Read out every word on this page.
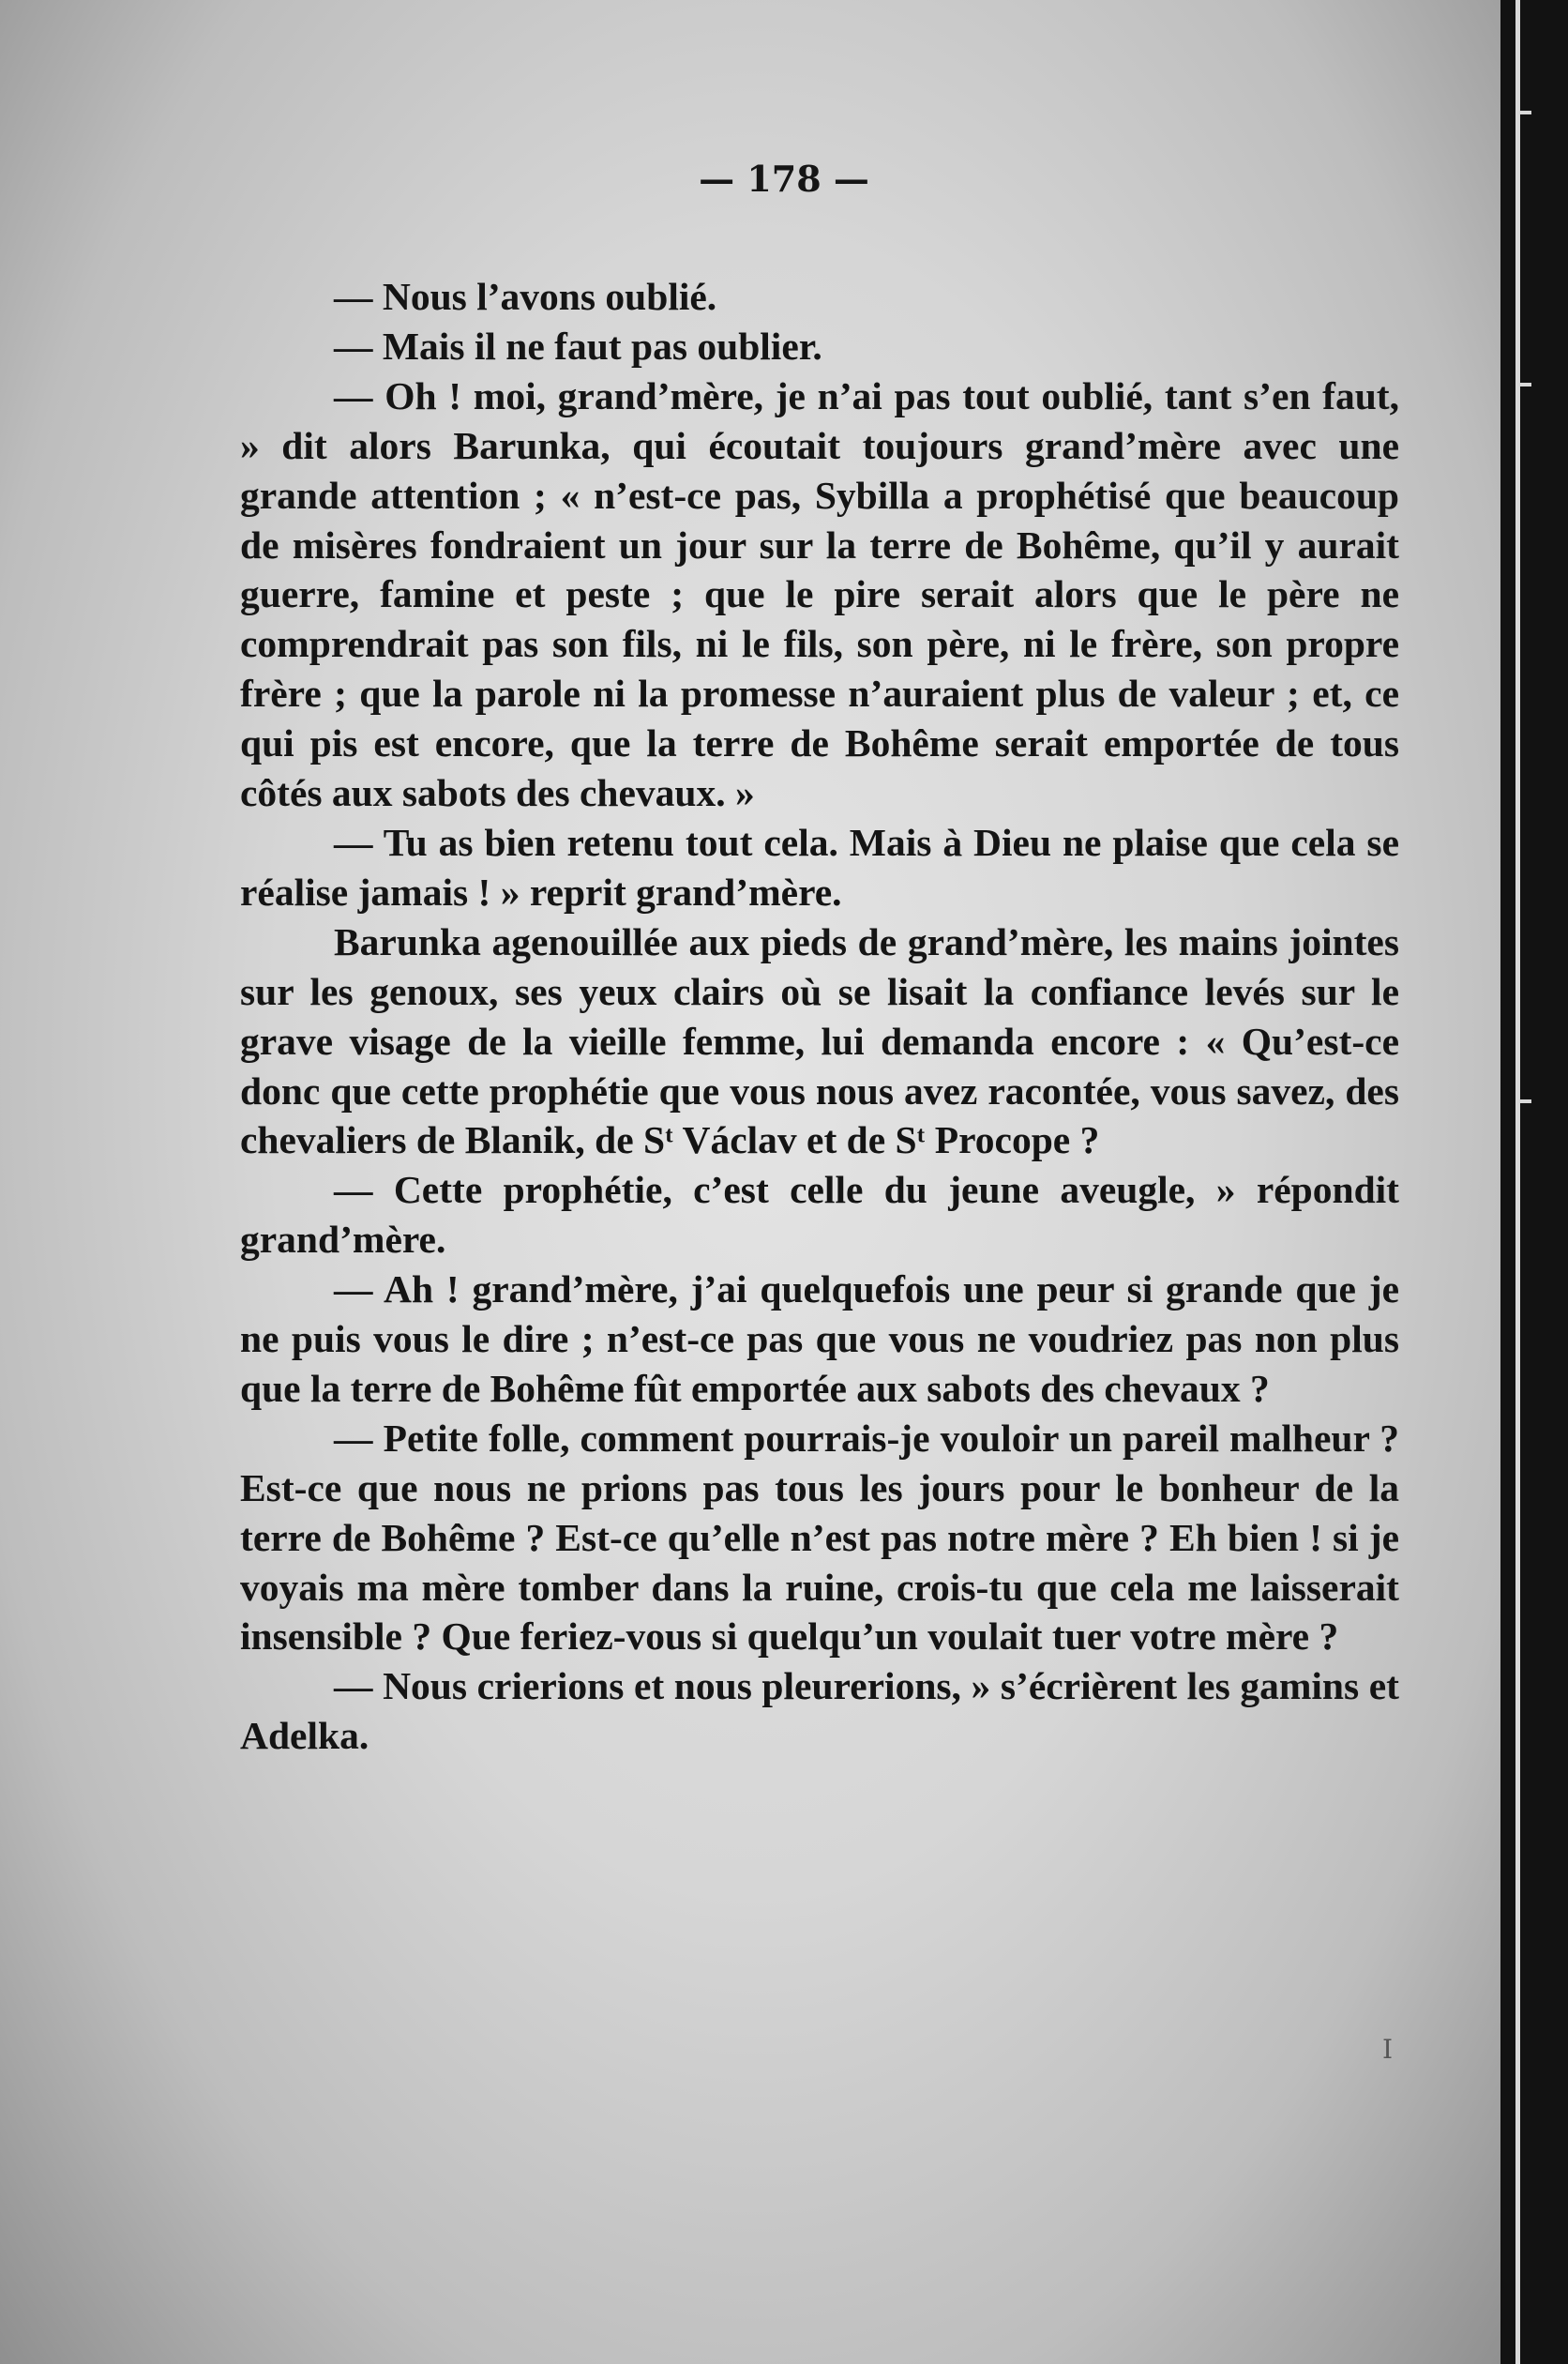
— 178 —

— Nous l’avons oublié.

— Mais il ne faut pas oublier.

— Oh ! moi, grand’mère, je n’ai pas tout oublié, tant s’en faut, » dit alors Barunka, qui écoutait toujours grand’mère avec une grande attention ; « n’est-ce pas, Sybilla a prophétisé que beaucoup de misères fondraient un jour sur la terre de Bohême, qu’il y aurait guerre, famine et peste ; que le pire serait alors que le père ne comprendrait pas son fils, ni le fils, son père, ni le frère, son propre frère ; que la parole ni la promesse n’auraient plus de valeur ; et, ce qui pis est encore, que la terre de Bohême serait emportée de tous côtés aux sabots des chevaux. »

— Tu as bien retenu tout cela. Mais à Dieu ne plaise que cela se réalise jamais ! » reprit grand’mère.

Barunka agenouillée aux pieds de grand’mère, les mains jointes sur les genoux, ses yeux clairs où se lisait la confiance levés sur le grave visage de la vieille femme, lui demanda encore : « Qu’est-ce donc que cette prophétie que vous nous avez racontée, vous savez, des chevaliers de Blanik, de Sᵗ Václav et de Sᵗ Procope ?

— Cette prophétie, c’est celle du jeune aveugle, » répondit grand’mère.

— Ah ! grand’mère, j’ai quelquefois une peur si grande que je ne puis vous le dire ; n’est-ce pas que vous ne voudriez pas non plus que la terre de Bohême fût emportée aux sabots des chevaux ?

— Petite folle, comment pourrais-je vouloir un pareil malheur ? Est-ce que nous ne prions pas tous les jours pour le bonheur de la terre de Bohême ? Est-ce qu’elle n’est pas notre mère ? Eh bien ! si je voyais ma mère tomber dans la ruine, crois-tu que cela me laisserait insensible ? Que feriez-vous si quelqu’un voulait tuer votre mère ?

— Nous crierions et nous pleurerions, » s’écrièrent les gamins et Adelka.

I
